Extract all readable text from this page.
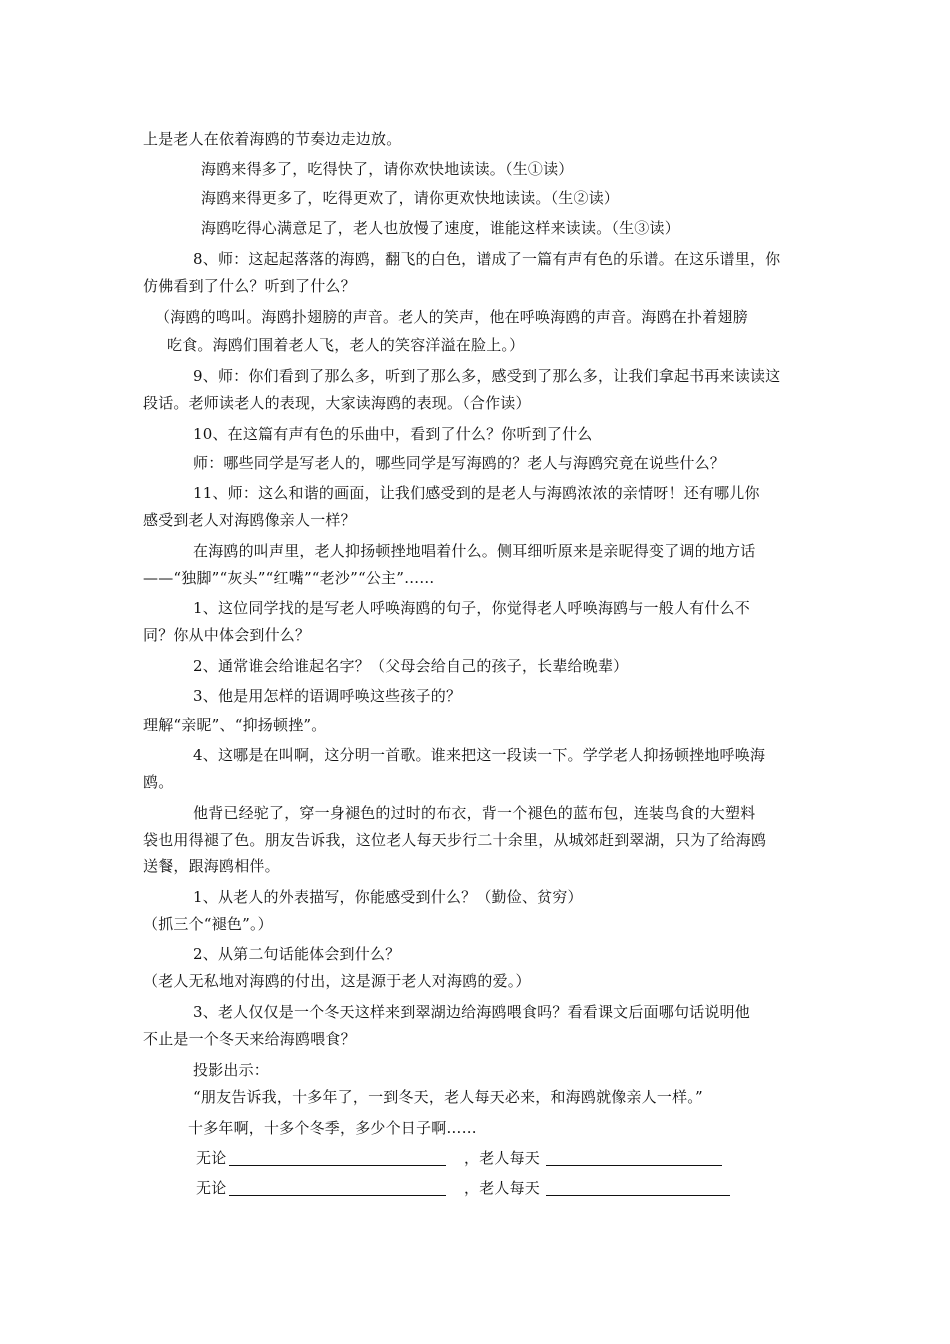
上是老人在依着海鸥的节奏边走边放。
海鸥来得多了，吃得快了，请你欢快地读读。（生①读）
海鸥来得更多了，吃得更欢了，请你更欢快地读读。（生②读）
海鸥吃得心满意足了，老人也放慢了速度，谁能这样来读读。（生③读）
8、师：这起起落落的海鸥，翻飞的白色，谱成了一篇有声有色的乐谱。在这乐谱里，你
仿佛看到了什么？听到了什么？
（海鸥的鸣叫。海鸥扑翅膀的声音。老人的笑声，他在呼唤海鸥的声音。海鸥在扑着翅膀
吃食。海鸥们围着老人飞，老人的笑容洋溢在脸上。）
9、师：你们看到了那么多，听到了那么多，感受到了那么多，让我们拿起书再来读读这
段话。老师读老人的表现，大家读海鸥的表现。（合作读）
10、在这篇有声有色的乐曲中，看到了什么？你听到了什么
师：哪些同学是写老人的，哪些同学是写海鸥的？老人与海鸥究竟在说些什么？
11、师：这么和谐的画面，让我们感受到的是老人与海鸥浓浓的亲情呀！还有哪儿你
感受到老人对海鸥像亲人一样？
在海鸥的叫声里，老人抑扬顿挫地唱着什么。侧耳细听原来是亲昵得变了调的地方话
——“独脚”“灰头”“红嘴”“老沙”“公主”……
1、这位同学找的是写老人呼唤海鸥的句子，你觉得老人呼唤海鸥与一般人有什么不
同？你从中体会到什么？
2、通常谁会给谁起名字？（父母会给自己的孩子，长辈给晚辈）
3、他是用怎样的语调呼唤这些孩子的？
理解“亲昵”、“抑扬顿挫”。
4、这哪是在叫啊，这分明一首歌。谁来把这一段读一下。学学老人抑扬顿挫地呼唤海
鸥。
他背已经驼了，穿一身褪色的过时的布衣，背一个褪色的蓝布包，连装鸟食的大塑料
袋也用得褪了色。朋友告诉我，这位老人每天步行二十余里，从城郊赶到翠湖，只为了给海鸥
送餐，跟海鸥相伴。
1、从老人的外表描写，你能感受到什么？（勤俭、贫穷）
（抓三个“褪色”。）
2、从第二句话能体会到什么？
（老人无私地对海鸥的付出，这是源于老人对海鸥的爱。）
3、老人仅仅是一个冬天这样来到翠湖边给海鸥喂食吗？看看课文后面哪句话说明他
不止是一个冬天来给海鸥喂食？
投影出示：
“朋友告诉我，十多年了，一到冬天，老人每天必来，和海鸥就像亲人一样。”
十多年啊，十多个冬季，多少个日子啊……
无论	，老人每天
无论	，老人每天
